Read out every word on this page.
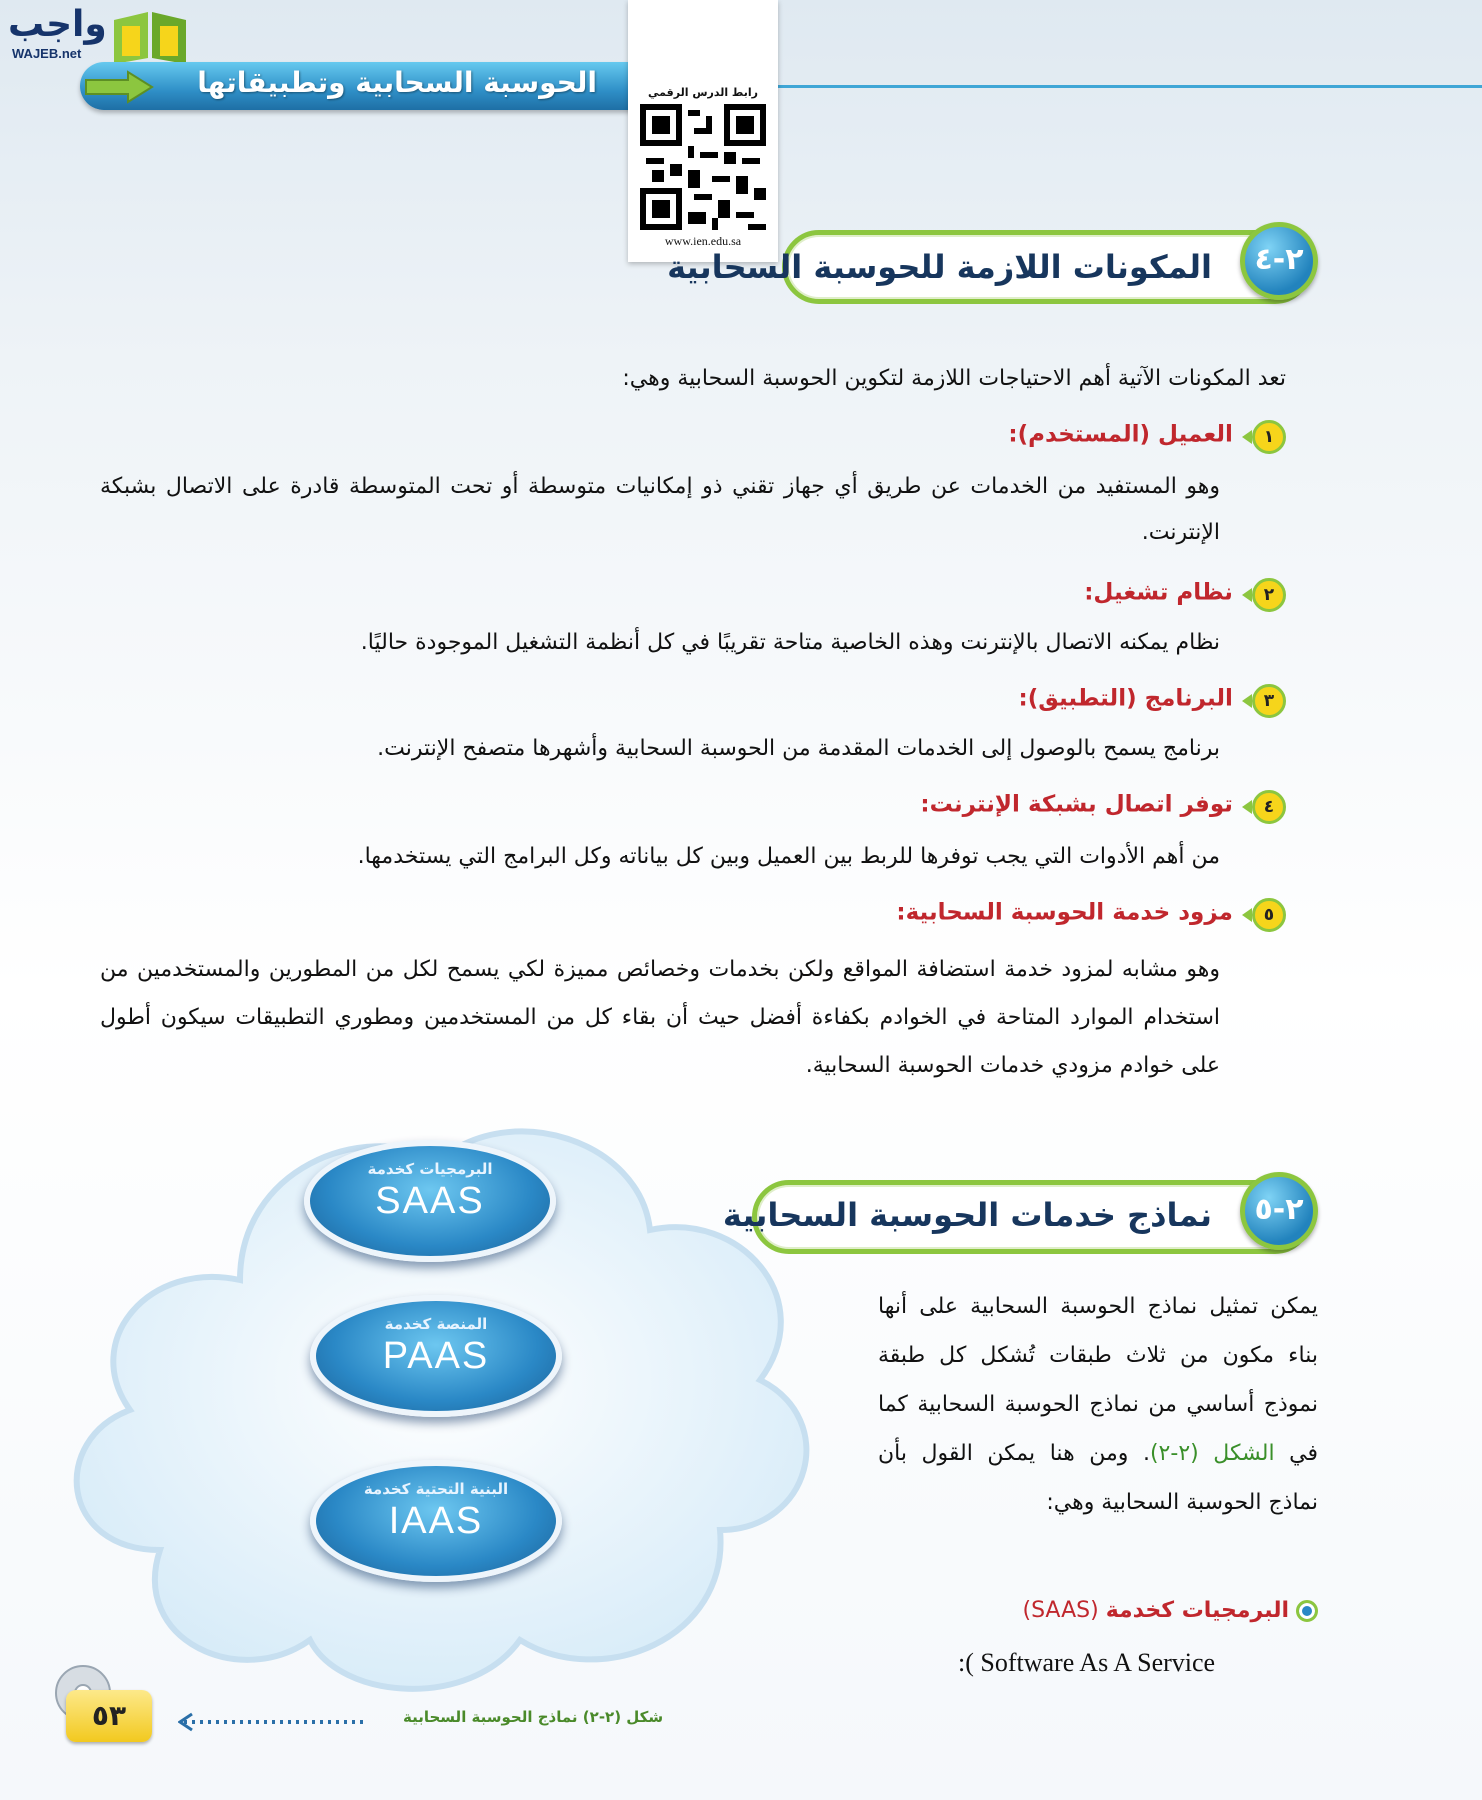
واجب
WAJEB.net
الحوسبة السحابية وتطبيقاتها	رابط الدرس الرقمي
www.ien.edu.sa
المكونات اللازمة للحوسبة السحابية	٢-٤
تعد المكونات الآتية أهم الاحتياجات اللازمة لتكوين الحوسبة السحابية وهي:
١ العميل (المستخدم):
وهو المستفيد من الخدمات عن طريق أي جهاز تقني ذو إمكانيات متوسطة أو تحت المتوسطة قادرة على الاتصال بشبكة الإنترنت.
٢ نظام تشغيل:
نظام يمكنه الاتصال بالإنترنت وهذه الخاصية متاحة تقريبًا في كل أنظمة التشغيل الموجودة حاليًا.
٣ البرنامج (التطبيق):
برنامج يسمح بالوصول إلى الخدمات المقدمة من الحوسبة السحابية وأشهرها متصفح الإنترنت.
٤ توفر اتصال بشبكة الإنترنت:
من أهم الأدوات التي يجب توفرها للربط بين العميل وبين كل بياناته وكل البرامج التي يستخدمها.
٥ مزود خدمة الحوسبة السحابية:
وهو مشابه لمزود خدمة استضافة المواقع ولكن بخدمات وخصائص مميزة لكي يسمح لكل من المطورين والمستخدمين من استخدام الموارد المتاحة في الخوادم بكفاءة أفضل حيث أن بقاء كل من المستخدمين ومطوري التطبيقات سيكون أطول على خوادم مزودي خدمات الحوسبة السحابية.
البرمجيات كخدمة
SAAS
المنصة كخدمة
PAAS
البنية التحتية كخدمة
IAAS
نماذج خدمات الحوسبة السحابية	٢-٥
يمكن تمثيل نماذج الحوسبة السحابية على أنها بناء مكون من ثلاث طبقات تُشكل كل طبقة نموذج أساسي من نماذج الحوسبة السحابية كما في الشكل (٢-٢). ومن هنا يمكن القول بأن نماذج الحوسبة السحابية وهي:
البرمجيات كخدمة (SAAS)
:( Software As A Service
شكل (٢-٢) نماذج الحوسبة السحابية
٥٣
